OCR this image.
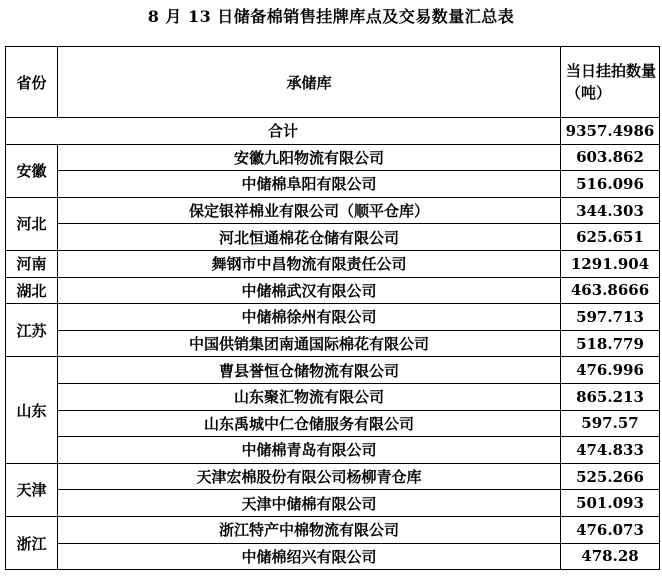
8 月 13 日储备棉销售挂牌库点及交易数量汇总表
省份	承储库	当日挂拍数量（吨）
合计		9357.4986
安徽	安徽九阳物流有限公司	603.862
	中储棉阜阳有限公司	516.096
河北	保定银祥棉业有限公司（顺平仓库）	344.303
	河北恒通棉花仓储有限公司	625.651
河南	舞钢市中昌物流有限责任公司	1291.904
湖北	中储棉武汉有限公司	463.8666
江苏	中储棉徐州有限公司	597.713
	中国供销集团南通国际棉花有限公司	518.779
山东	曹县誉恒仓储物流有限公司	476.996
	山东聚汇物流有限公司	865.213
	山东禹城中仁仓储服务有限公司	597.57
	中储棉青岛有限公司	474.833
天津	天津宏棉股份有限公司杨柳青仓库	525.266
	天津中储棉有限公司	501.093
浙江	浙江特产中棉物流有限公司	476.073
	中储棉绍兴有限公司	478.28
